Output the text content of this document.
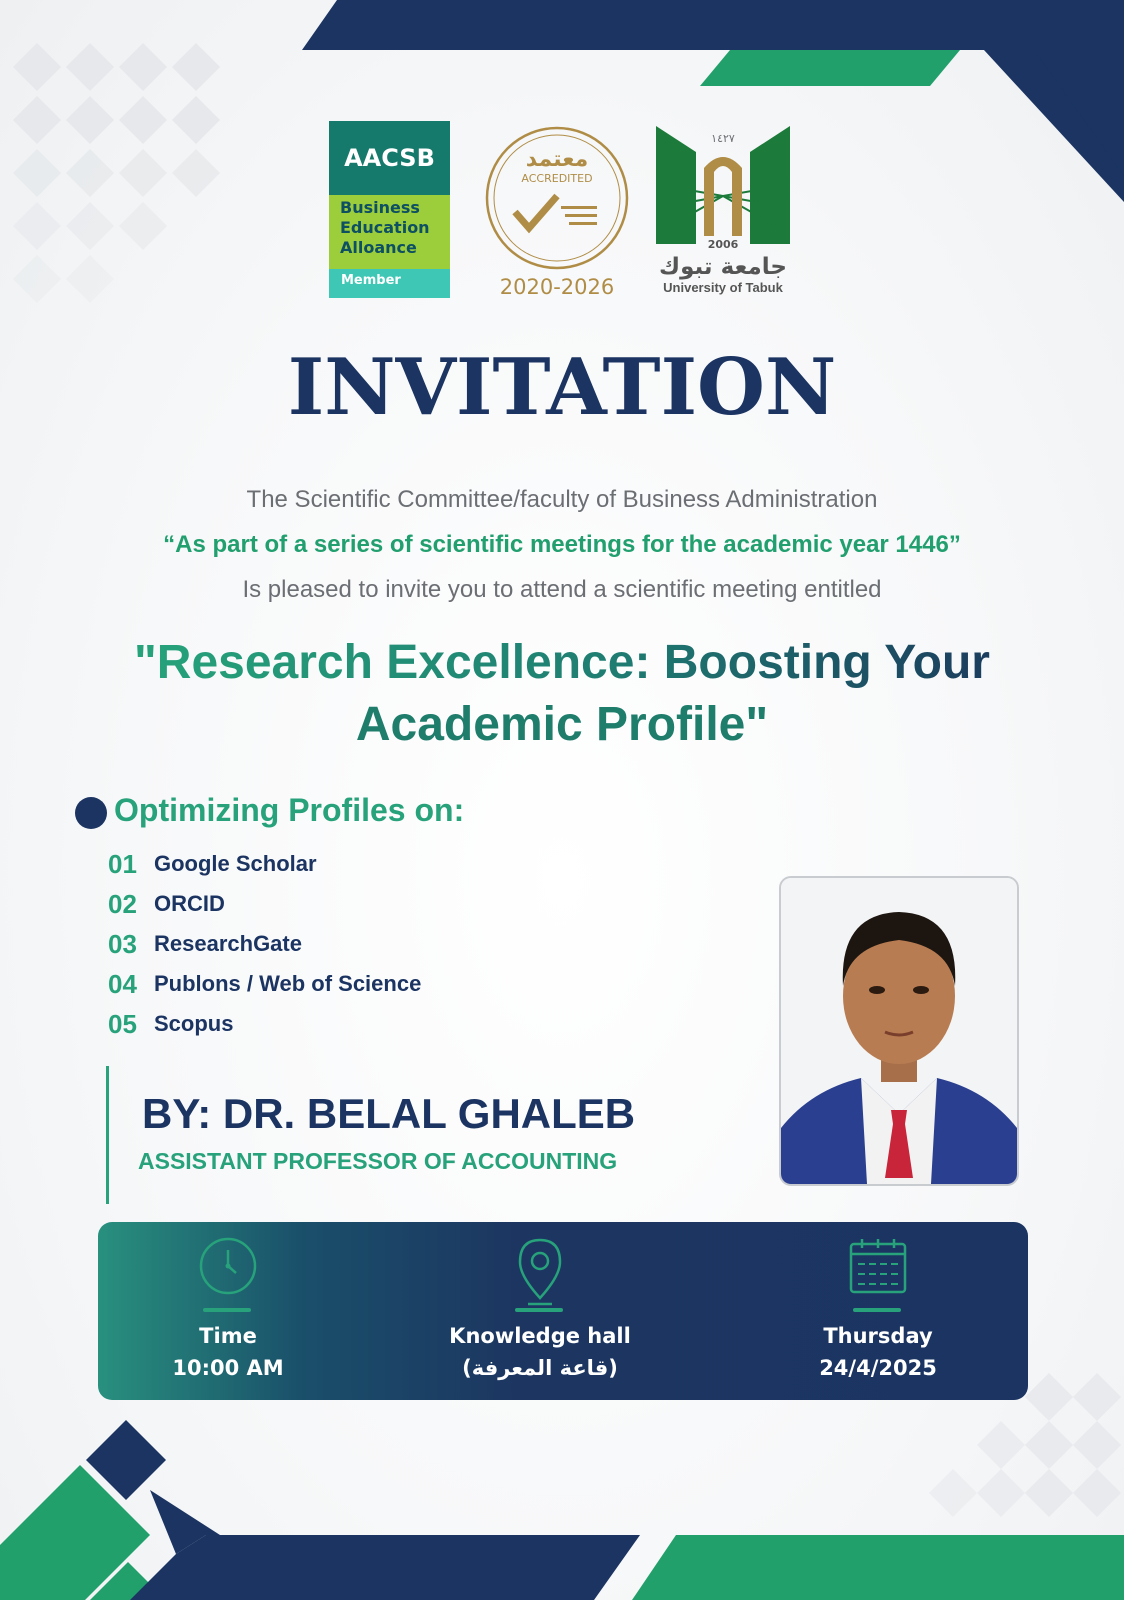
AACSB
Business
Education
Alloance
Member
معتمد
ACCREDITED
2020-2026
١٤٢٧
2006
جامعة تبوك
University of Tabuk
INVITATION
The Scientific Committee/faculty of Business Administration
“As part of a series of scientific meetings for the academic year 1446”
Is pleased to invite you to attend a scientific meeting entitled
"Research Excellence: Boosting Your
Academic Profile"
Optimizing Profiles on:
01 Google Scholar
02 ORCID
03 ResearchGate
04 Publons / Web of Science
05 Scopus
BY: DR. BELAL GHALEB
ASSISTANT PROFESSOR OF ACCOUNTING
Time
10:00 AM
Knowledge hall
(قاعة المعرفة)
Thursday
24/4/2025
